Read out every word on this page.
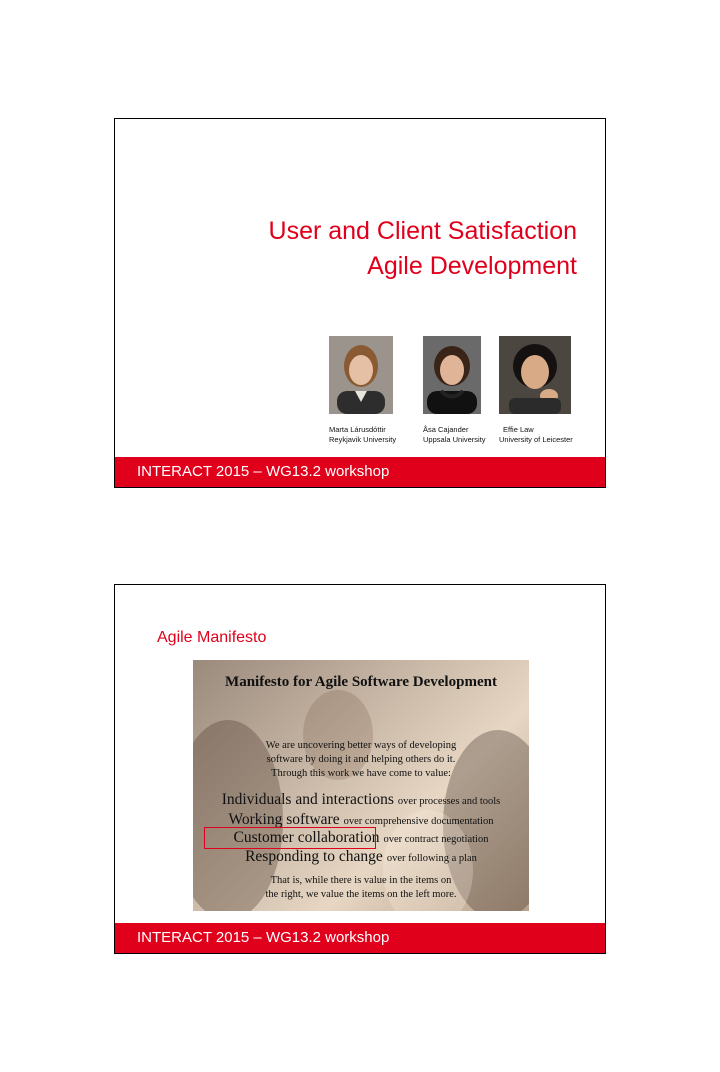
User and Client Satisfaction
Agile Development
Marta Lárusdóttir
Reykjavik University
Åsa Cajander
Uppsala University
Effie Law
University of Leicester
INTERACT 2015 – WG13.2 workshop
Agile Manifesto
Manifesto for Agile Software Development
We are uncovering better ways of developing
software by doing it and helping others do it.
Through this work we have come to value:
Individuals and interactions over processes and tools
Working software over comprehensive documentation
Customer collaboration over contract negotiation
Responding to change over following a plan
That is, while there is value in the items on
the right, we value the items on the left more.
INTERACT 2015 – WG13.2 workshop
